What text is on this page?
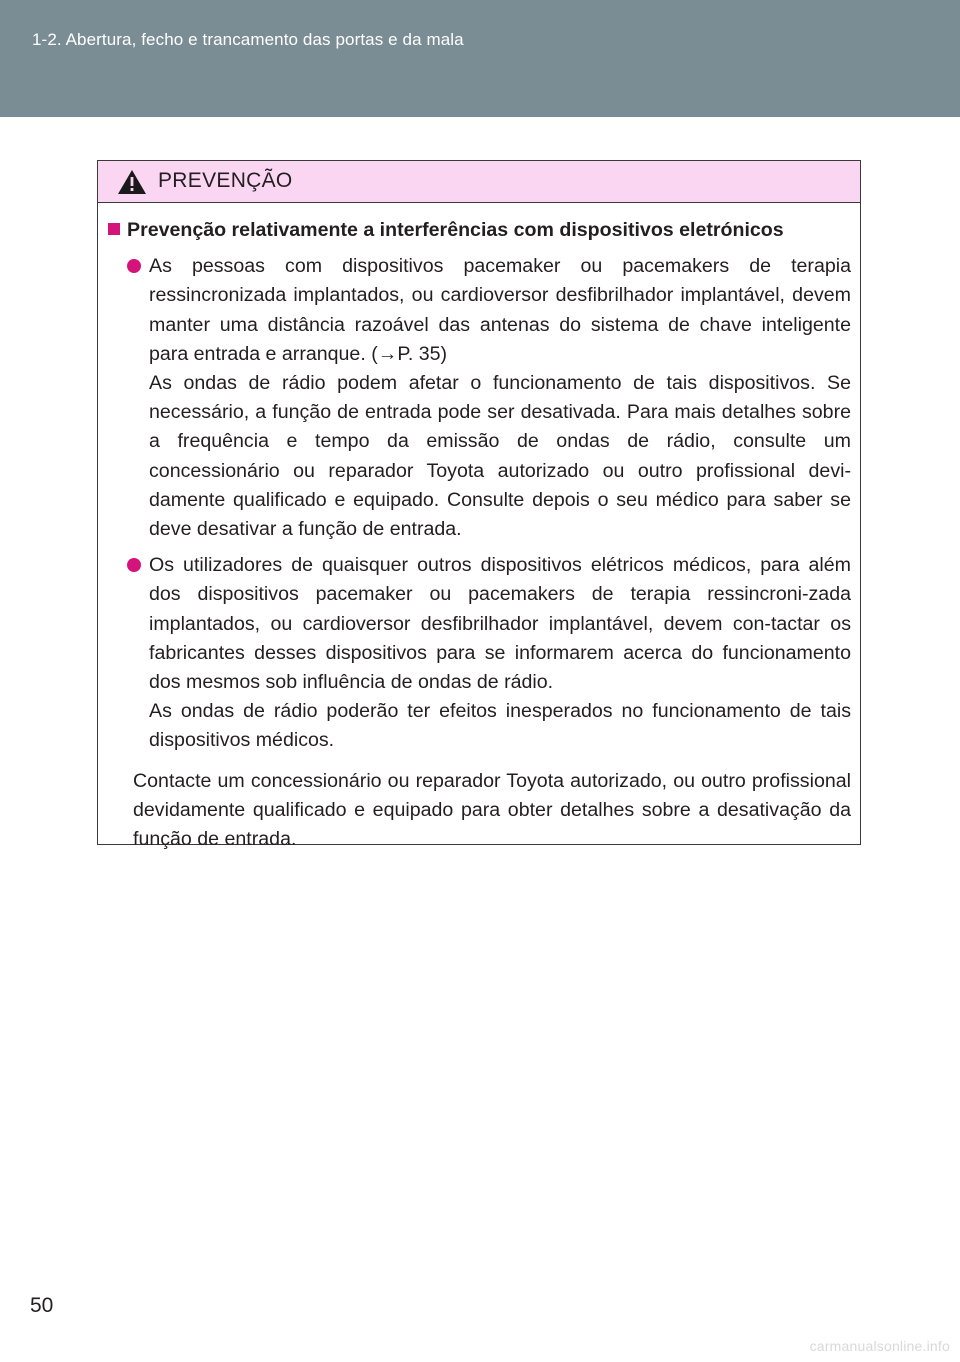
1-2. Abertura, fecho e trancamento das portas e da mala
PREVENÇÃO
Prevenção relativamente a interferências com dispositivos eletrónicos
As pessoas com dispositivos pacemaker ou pacemakers de terapia ressincronizada implantados, ou cardioversor desfibrilhador implantável, devem manter uma distância razoável das antenas do sistema de chave inteligente para entrada e arranque. (→P. 35)
As ondas de rádio podem afetar o funcionamento de tais dispositivos. Se necessário, a função de entrada pode ser desativada. Para mais detalhes sobre a frequência e tempo da emissão de ondas de rádio, consulte um concessionário ou reparador Toyota autorizado ou outro profissional devi-damente qualificado e equipado. Consulte depois o seu médico para saber se deve desativar a função de entrada.
Os utilizadores de quaisquer outros dispositivos elétricos médicos, para além dos dispositivos pacemaker ou pacemakers de terapia ressincroni-zada implantados, ou cardioversor desfibrilhador implantável, devem con-tactar os fabricantes desses dispositivos para se informarem acerca do funcionamento dos mesmos sob influência de ondas de rádio.
As ondas de rádio poderão ter efeitos inesperados no funcionamento de tais dispositivos médicos.
Contacte um concessionário ou reparador Toyota autorizado, ou outro profissional devidamente qualificado e equipado para obter detalhes sobre a desativação da função de entrada.
50
carmanualsonline.info
